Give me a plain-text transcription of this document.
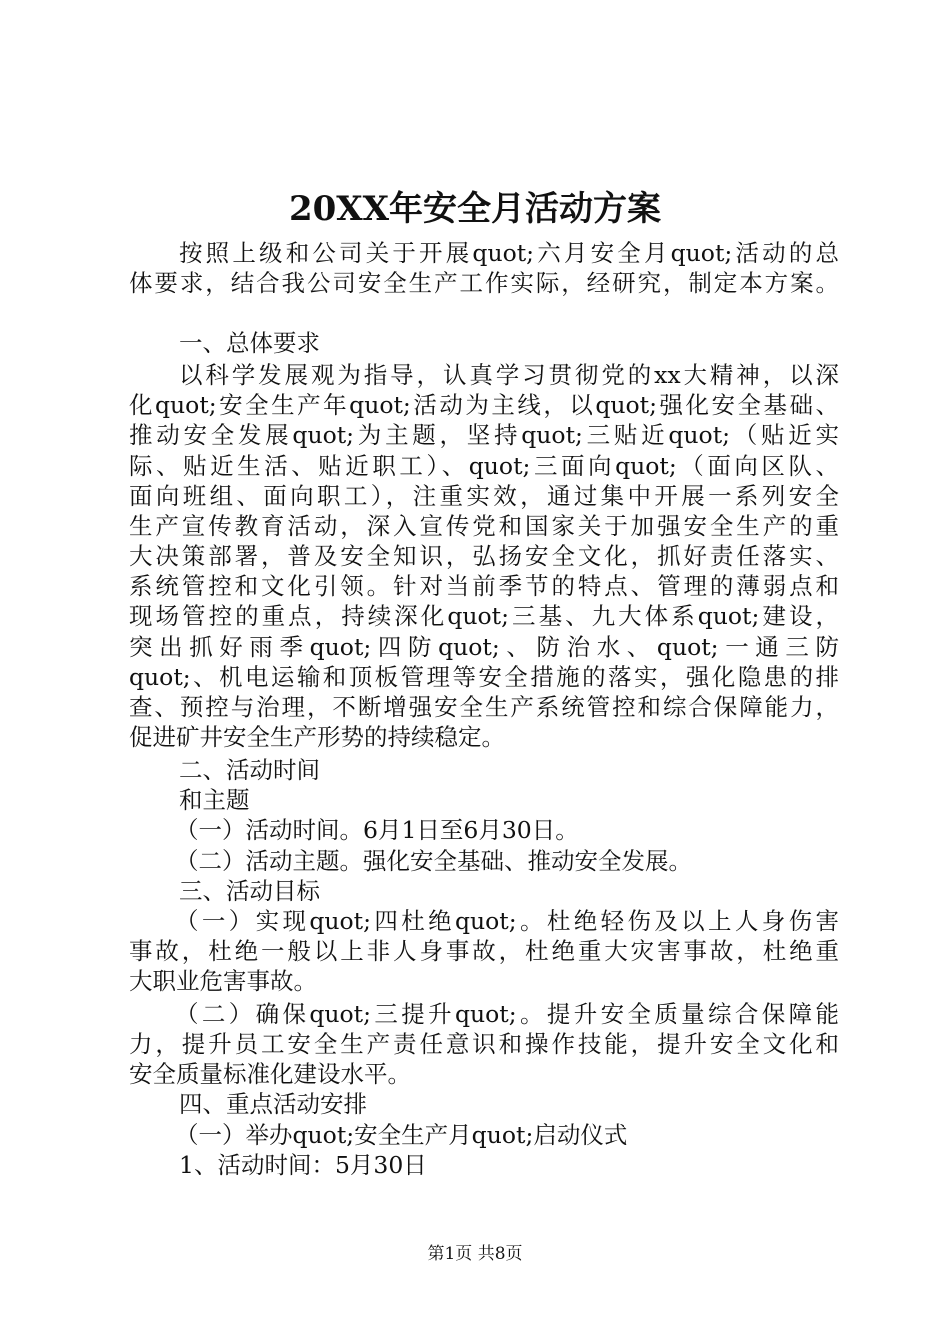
20XX年安全月活动方案
按照上级和公司关于开展quot;六月安全月quot;活动的总
体要求，结合我公司安全生产工作实际，经研究，制定本方案。
一、总体要求
以科学发展观为指导，认真学习贯彻党的xx大精神，以深
化quot;安全生产年quot;活动为主线，以quot;强化安全基础、
推动安全发展quot;为主题，坚持quot;三贴近quot;（贴近实
际、贴近生活、贴近职工）、quot;三面向quot;（面向区队、
面向班组、面向职工），注重实效，通过集中开展一系列安全
生产宣传教育活动，深入宣传党和国家关于加强安全生产的重
大决策部署，普及安全知识，弘扬安全文化，抓好责任落实、
系统管控和文化引领。针对当前季节的特点、管理的薄弱点和
现场管控的重点，持续深化quot;三基、九大体系quot;建设，
突出抓好雨季quot;四防quot;、防治水、quot;一通三防
quot;、机电运输和顶板管理等安全措施的落实，强化隐患的排
查、预控与治理，不断增强安全生产系统管控和综合保障能力，
促进矿井安全生产形势的持续稳定。
二、活动时间
和主题
（一）活动时间。6月1日至6月30日。
（二）活动主题。强化安全基础、推动安全发展。
三、活动目标
（一）实现quot;四杜绝quot;。杜绝轻伤及以上人身伤害
事故，杜绝一般以上非人身事故，杜绝重大灾害事故，杜绝重
大职业危害事故。
（二）确保quot;三提升quot;。提升安全质量综合保障能
力，提升员工安全生产责任意识和操作技能，提升安全文化和
安全质量标准化建设水平。
四、重点活动安排
（一）举办quot;安全生产月quot;启动仪式
1、活动时间：5月30日
第1页 共8页
